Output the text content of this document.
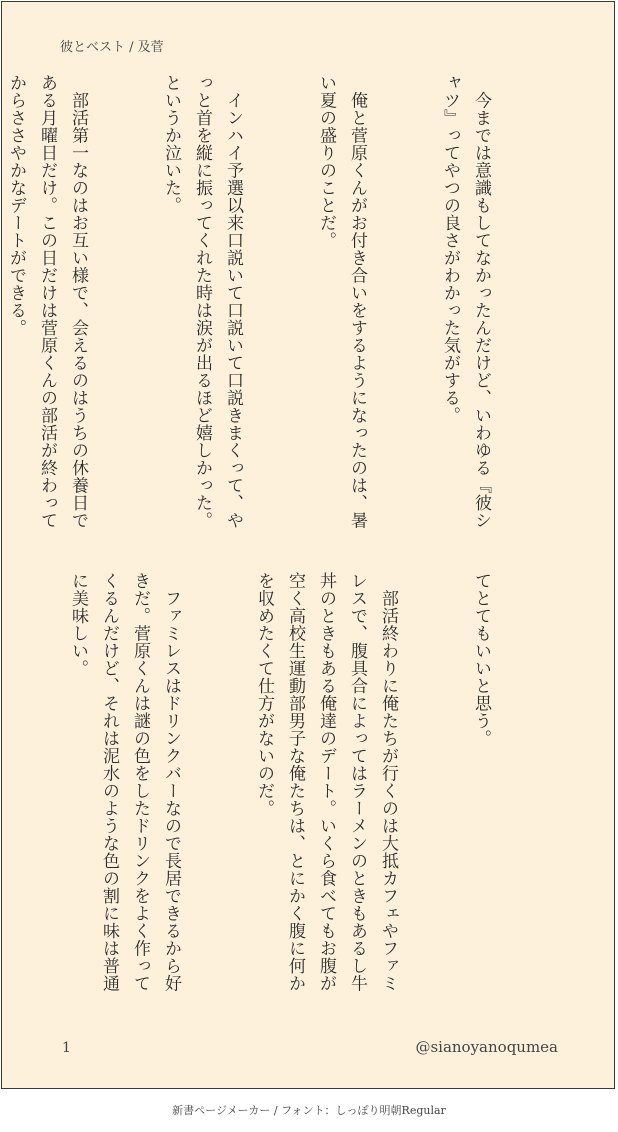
彼とベスト / 及菅

　今までは意識もしてなかったんだけど、いわゆる『彼シャツ』ってやつの良さがわかった気がする。

　俺と菅原くんがお付き合いをするようになったのは、暑い夏の盛りのことだ。

　インハイ予選以来口説いて口説いて口説きまくって、やっと首を縦に振ってくれた時は涙が出るほど嬉しかった。というか泣いた。

　部活第一なのはお互い様で、会えるのはうちの休養日である月曜日だけ。この日だけは菅原くんの部活が終わってからささやかなデートができる。

てとてもいいと思う。

　部活終わりに俺たちが行くのは大抵カフェやファミレスで、腹具合によってはラーメンのときもあるし牛丼のときもある俺達のデート。いくら食べてもお腹が空く高校生運動部男子な俺たちは、とにかく腹に何かを収めたくて仕方がないのだ。

　ファミレスはドリンクバーなので長居できるから好きだ。菅原くんは謎の色をしたドリンクをよく作ってくるんだけど、それは泥水のような色の割に味は普通に美味しい。

1	@sianoyanoqumea
新書ページメーカー / フォント：しっぽり明朝Regular
